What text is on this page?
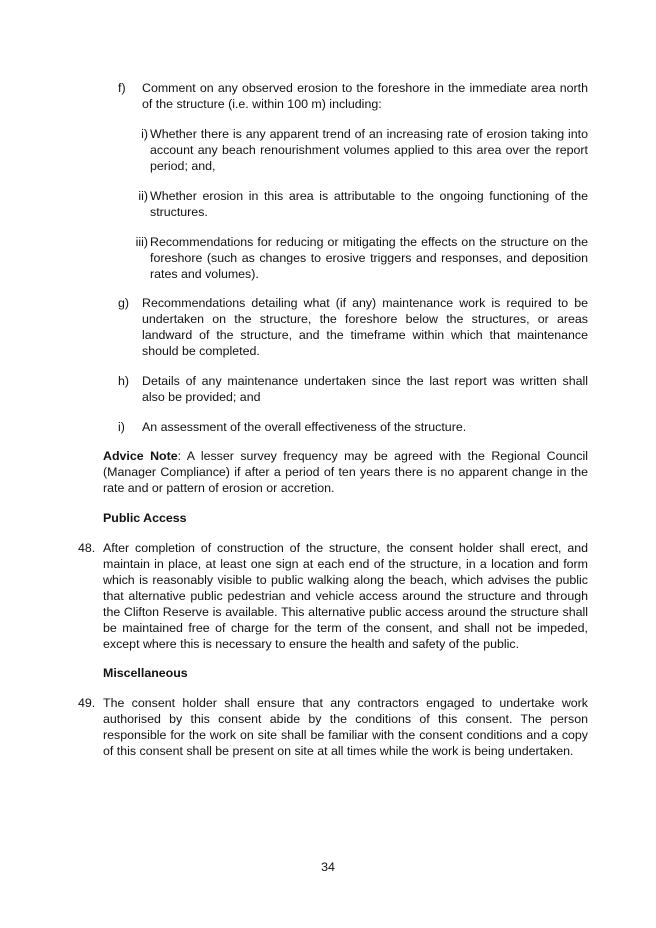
f)	Comment on any observed erosion to the foreshore in the immediate area north of the structure (i.e. within 100 m) including:
i) Whether there is any apparent trend of an increasing rate of erosion taking into account any beach renourishment volumes applied to this area over the report period; and,
ii) Whether erosion in this area is attributable to the ongoing functioning of the structures.
iii) Recommendations for reducing or mitigating the effects on the structure on the foreshore (such as changes to erosive triggers and responses, and deposition rates and volumes).
g)	Recommendations detailing what (if any) maintenance work is required to be undertaken on the structure, the foreshore below the structures, or areas landward of the structure, and the timeframe within which that maintenance should be completed.
h)	Details of any maintenance undertaken since the last report was written shall also be provided; and
i)	An assessment of the overall effectiveness of the structure.
Advice Note: A lesser survey frequency may be agreed with the Regional Council (Manager Compliance) if after a period of ten years there is no apparent change in the rate and or pattern of erosion or accretion.
Public Access
48. After completion of construction of the structure, the consent holder shall erect, and maintain in place, at least one sign at each end of the structure, in a location and form which is reasonably visible to public walking along the beach, which advises the public that alternative public pedestrian and vehicle access around the structure and through the Clifton Reserve is available. This alternative public access around the structure shall be maintained free of charge for the term of the consent, and shall not be impeded, except where this is necessary to ensure the health and safety of the public.
Miscellaneous
49. The consent holder shall ensure that any contractors engaged to undertake work authorised by this consent abide by the conditions of this consent. The person responsible for the work on site shall be familiar with the consent conditions and a copy of this consent shall be present on site at all times while the work is being undertaken.
34
